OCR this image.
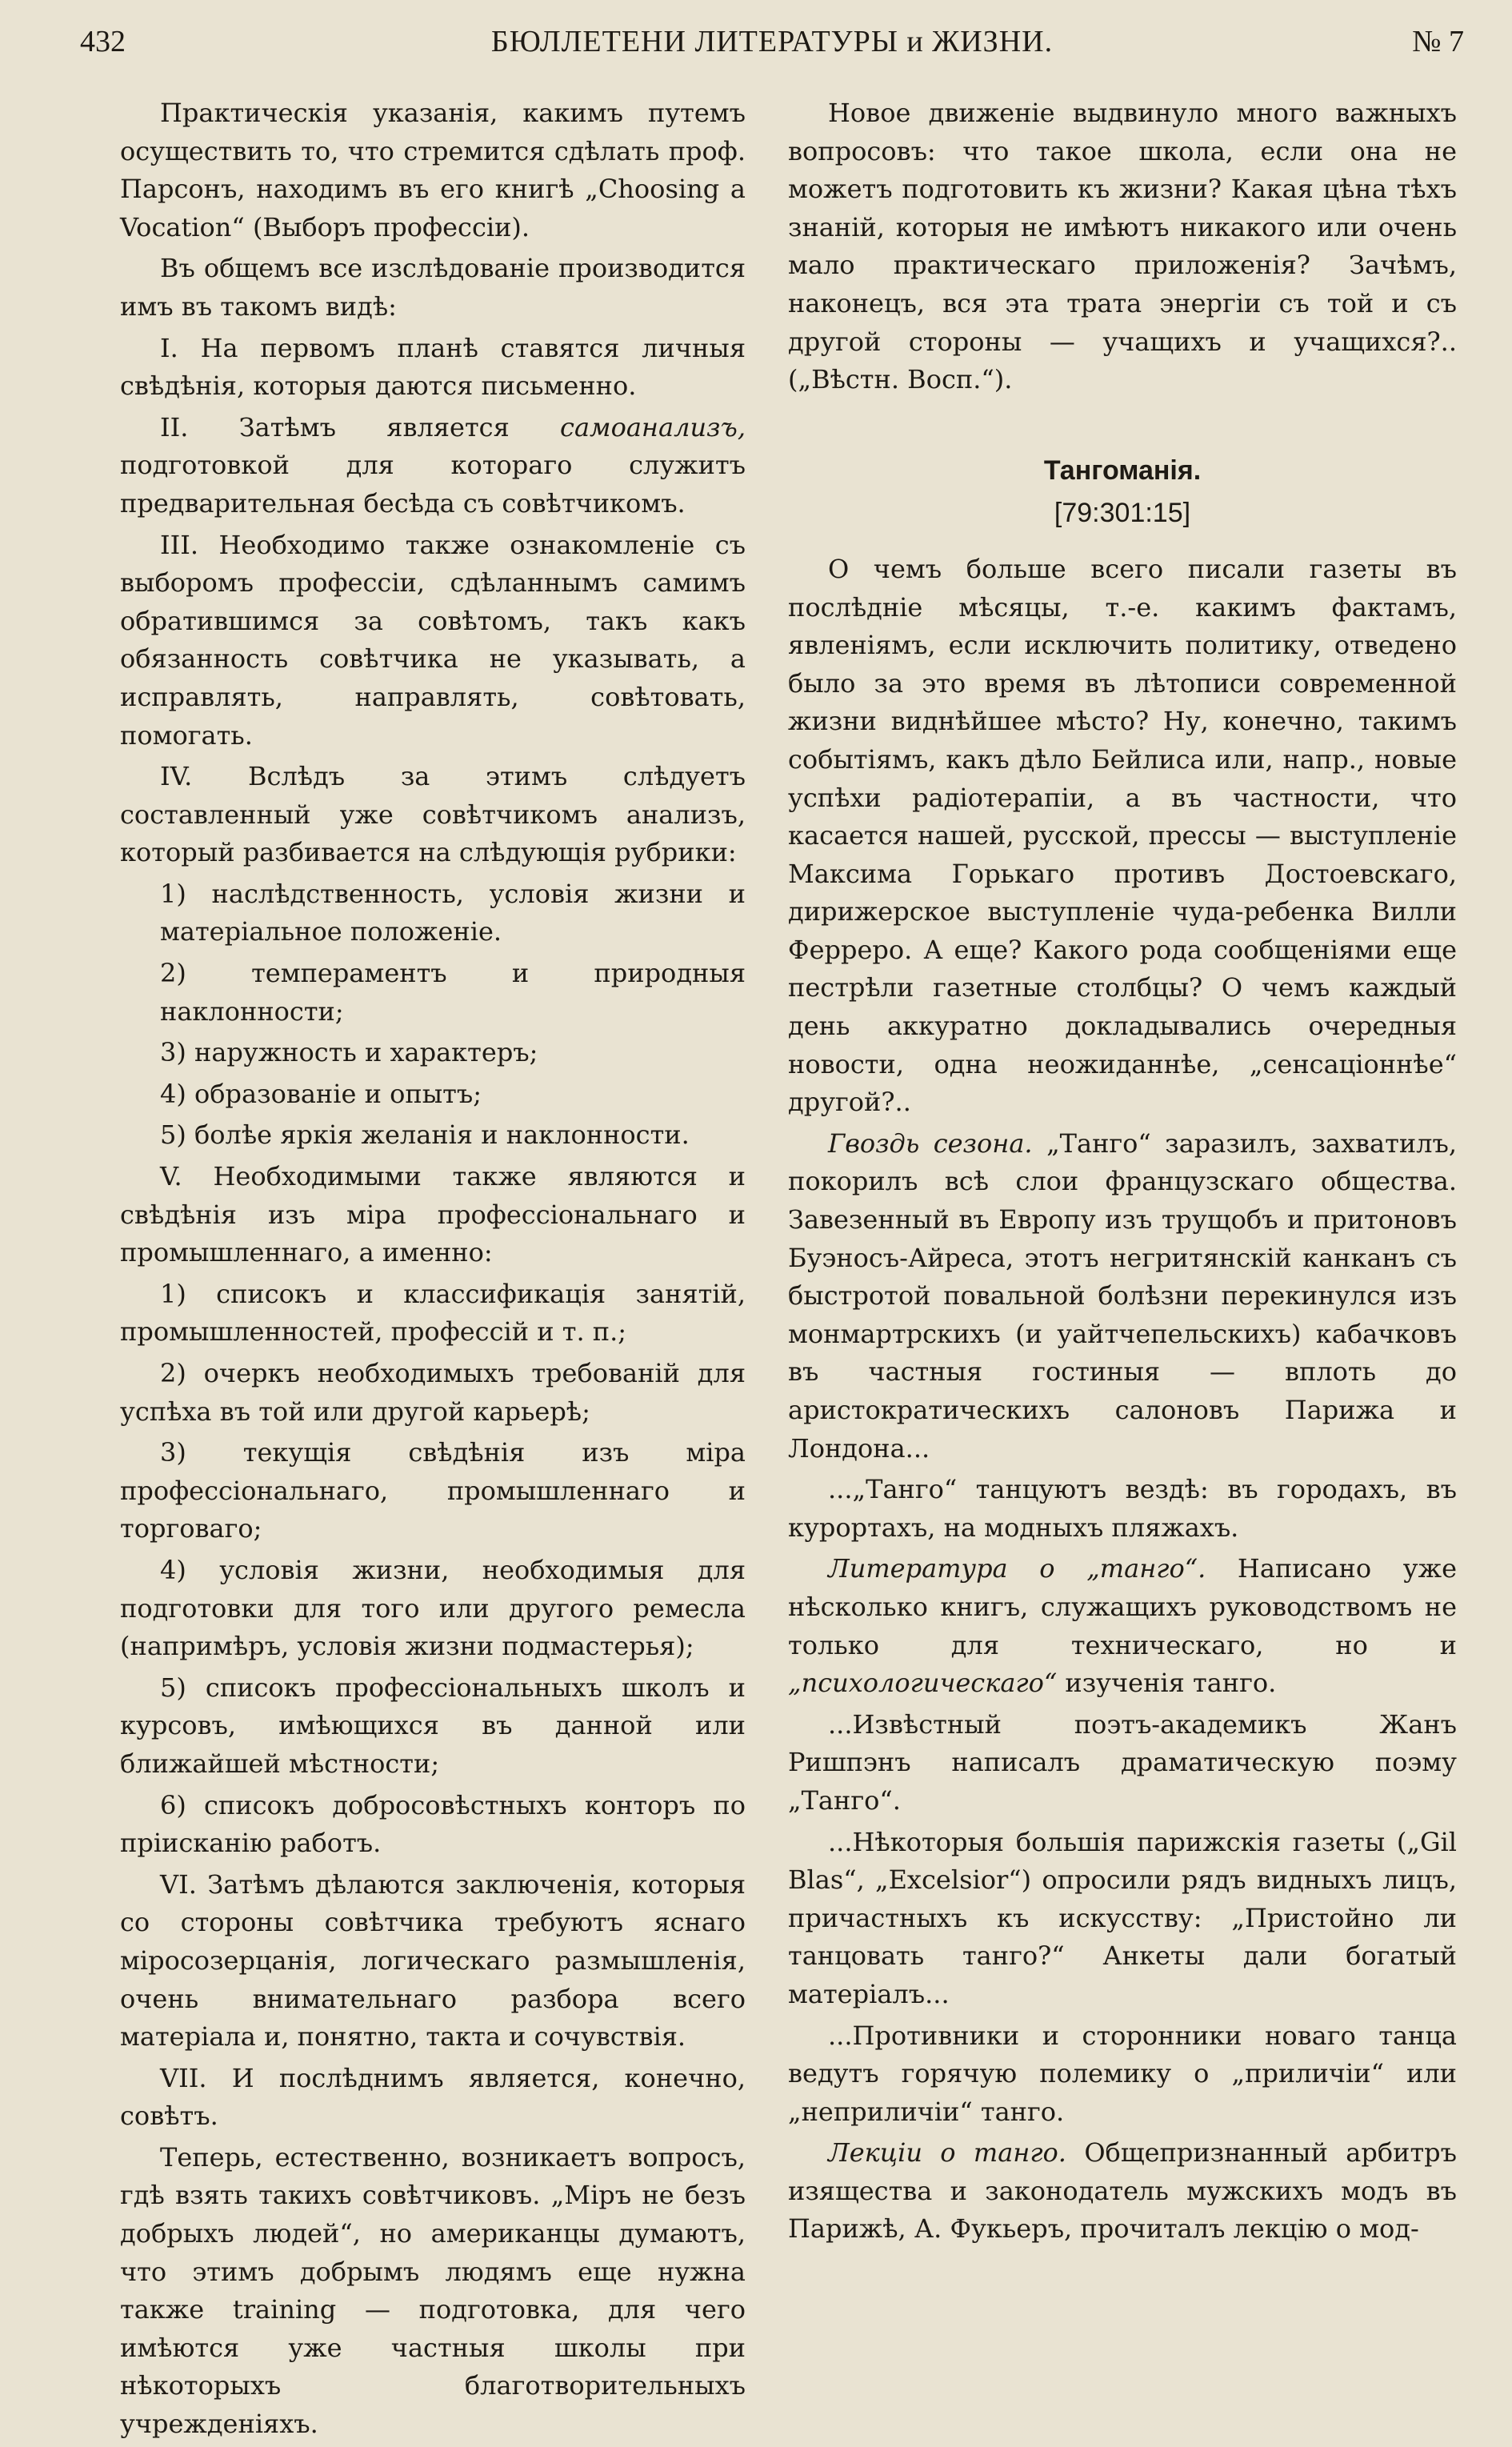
432	БЮЛЛЕТЕНИ ЛИТЕРАТУРЫ и ЖИЗНИ.	№ 7

Практическія указанія, какимъ путемъ осуществить то, что стремится сдѣлать проф. Парсонъ, находимъ въ его книгѣ „Choosing a Vocation“ (Выборъ профессіи).

Въ общемъ все изслѣдованіе производится имъ въ такомъ видѣ:

I. На первомъ планѣ ставятся личныя свѣдѣнія, которыя даются письменно.

II. Затѣмъ является самоанализъ, подготовкой для котораго служитъ предварительная бесѣда съ совѣтчикомъ.

III. Необходимо также ознакомленіе съ выборомъ профессіи, сдѣланнымъ самимъ обратившимся за совѣтомъ, такъ какъ обязанность совѣтчика не указывать, а исправлять, направлять, совѣтовать, помогать.

IV. Вслѣдъ за этимъ слѣдуетъ составленный уже совѣтчикомъ анализъ, который разбивается на слѣдующія рубрики:

1) наслѣдственность, условія жизни и матеріальное положеніе.

2) темпераментъ и природныя наклонности;

3) наружность и характеръ;

4) образованіе и опытъ;

5) болѣе яркія желанія и наклонности.

V. Необходимыми также являются и свѣдѣнія изъ міра профессіональнаго и промышленнаго, а именно:

1) списокъ и классификація занятій, промышленностей, профессій и т. п.;

2) очеркъ необходимыхъ требованій для успѣха въ той или другой карьерѣ;

3) текущія свѣдѣнія изъ міра профессіональнаго, промышленнаго и торговаго;

4) условія жизни, необходимыя для подготовки для того или другого ремесла (напримѣръ, условія жизни подмастерья);

5) списокъ профессіональныхъ школъ и курсовъ, имѣющихся въ данной или ближайшей мѣстности;

6) списокъ добросовѣстныхъ конторъ по пріисканію работъ.

VI. Затѣмъ дѣлаются заключенія, которыя со стороны совѣтчика требуютъ яснаго міросозерцанія, логическаго размышленія, очень внимательнаго разбора всего матеріала и, понятно, такта и сочувствія.

VII. И послѣднимъ является, конечно, совѣтъ.

Теперь, естественно, возникаетъ вопросъ, гдѣ взять такихъ совѣтчиковъ. „Міръ не безъ добрыхъ людей“, но американцы думаютъ, что этимъ добрымъ людямъ еще нужна также training — подготовка, для чего имѣются уже частныя школы при нѣкоторыхъ благотворительныхъ учрежденіяхъ.

Новое движеніе выдвинуло много важныхъ вопросовъ: что такое школа, если она не можетъ подготовить къ жизни? Какая цѣна тѣхъ знаній, которыя не имѣютъ никакого или очень мало практическаго приложенія? Зачѣмъ, наконецъ, вся эта трата энергіи съ той и съ другой стороны — учащихъ и учащихся?.. („Вѣстн. Восп.“).

Тангоманія.
[79:301:15]

О чемъ больше всего писали газеты въ послѣдніе мѣсяцы, т.-е. какимъ фактамъ, явленіямъ, если исключить политику, отведено было за это время въ лѣтописи современной жизни виднѣйшее мѣсто? Ну, конечно, такимъ событіямъ, какъ дѣло Бейлиса или, напр., новые успѣхи радіотерапіи, а въ частности, что касается нашей, русской, прессы — выступленіе Максима Горькаго противъ Достоевскаго, дирижерское выступленіе чуда-ребенка Вилли Ферреро. А еще? Какого рода сообщеніями еще пестрѣли газетные столбцы? О чемъ каждый день аккуратно докладывались очередныя новости, одна неожиданнѣе, „сенсаціоннѣе“ другой?..

Гвоздь сезона. „Танго“ заразилъ, захватилъ, покорилъ всѣ слои французскаго общества. Завезенный въ Европу изъ трущобъ и притоновъ Буэносъ-Айреса, этотъ негритянскій канканъ съ быстротой повальной болѣзни перекинулся изъ монмартрскихъ (и уайтчепельскихъ) кабачковъ въ частныя гостиныя — вплоть до аристократическихъ салоновъ Парижа и Лондона...

...„Танго“ танцуютъ вездѣ: въ городахъ, въ курортахъ, на модныхъ пляжахъ.

Литература о „танго“. Написано уже нѣсколько книгъ, служащихъ руководствомъ не только для техническаго, но и „психологическаго“ изученія танго.

...Извѣстный поэтъ-академикъ Жанъ Ришпэнъ написалъ драматическую поэму „Танго“.

...Нѣкоторыя большія парижскія газеты („Gil Blas“, „Excelsior“) опросили рядъ видныхъ лицъ, причастныхъ къ искусству: „Пристойно ли танцовать танго?“ Анкеты дали богатый матеріалъ...

...Противники и сторонники новаго танца ведутъ горячую полемику о „приличіи“ или „неприличіи“ танго.

Лекціи о танго. Общепризнанный арбитръ изящества и законодатель мужскихъ модъ въ Парижѣ, А. Фукьеръ, прочиталъ лекцію о мод-
